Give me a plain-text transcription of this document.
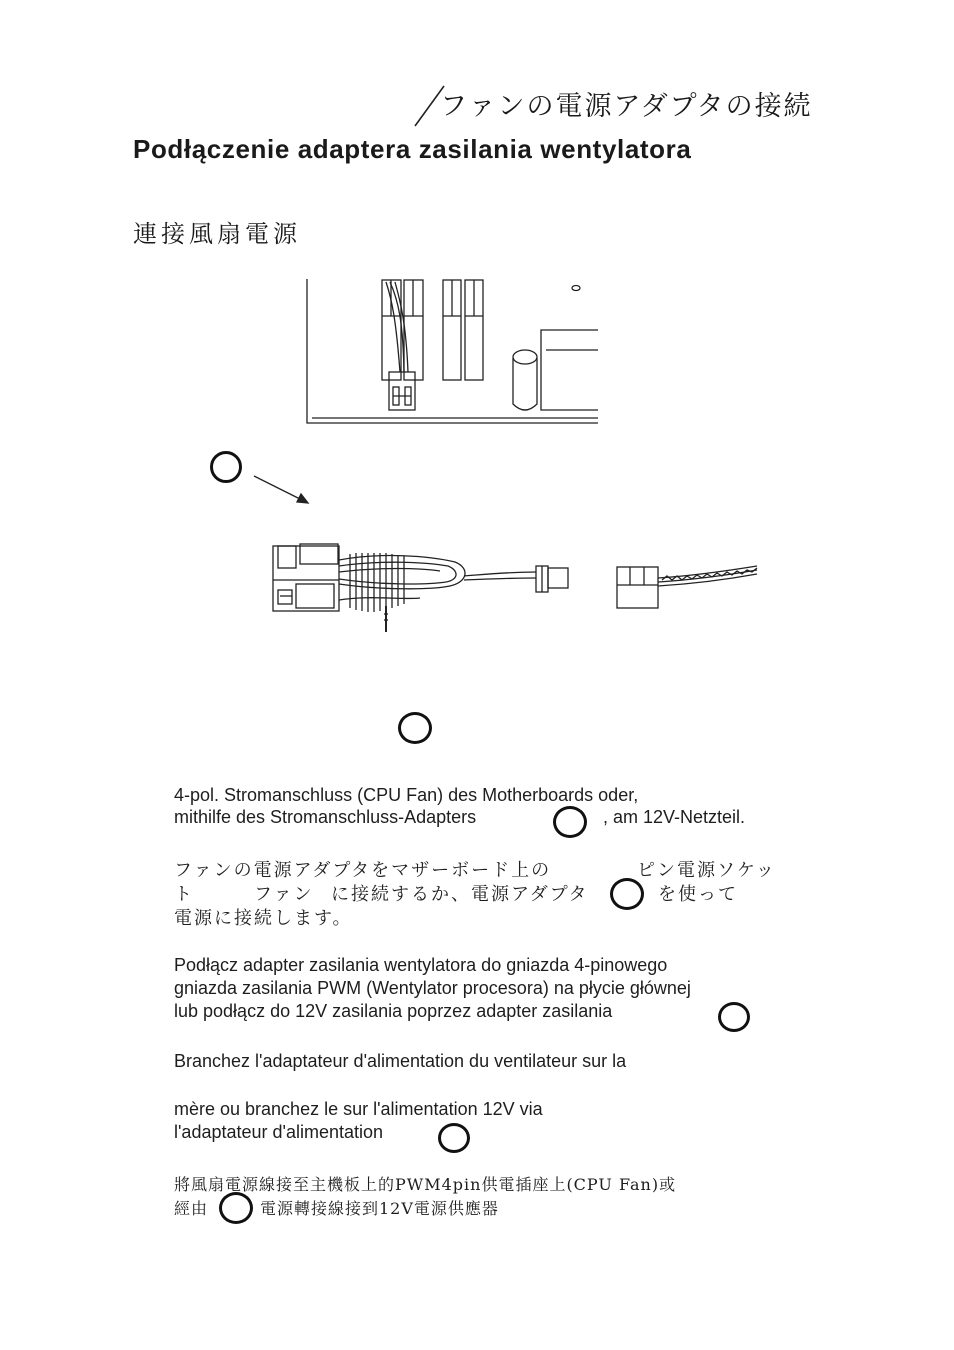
ファンの電源アダプタの接続
Podłączenie adaptera zasilania wentylatora
連接風扇電源
4-pol. Stromanschluss (CPU Fan) des Motherboards oder,
mithilfe des Stromanschluss-Adapters	, am 12V-Netzteil.
ファンの電源アダプタをマザーボード上の	ピン電源ソケッ
ト	ファン に接続するか、電源アダプタ	を使って
電源に接続します。
Podłącz adapter zasilania wentylatora do gniazda 4-pinowego
gniazda zasilania PWM (Wentylator procesora) na płycie głównej
lub podłącz do 12V zasilania poprzez adapter zasilania
Branchez l'adaptateur d'alimentation du ventilateur sur la
mère ou branchez le sur l'alimentation 12V via
l'adaptateur d'alimentation
將風扇電源線接至主機板上的PWM4pin供電插座上(CPU Fan)或
經由	電源轉接線接到12V電源供應器
